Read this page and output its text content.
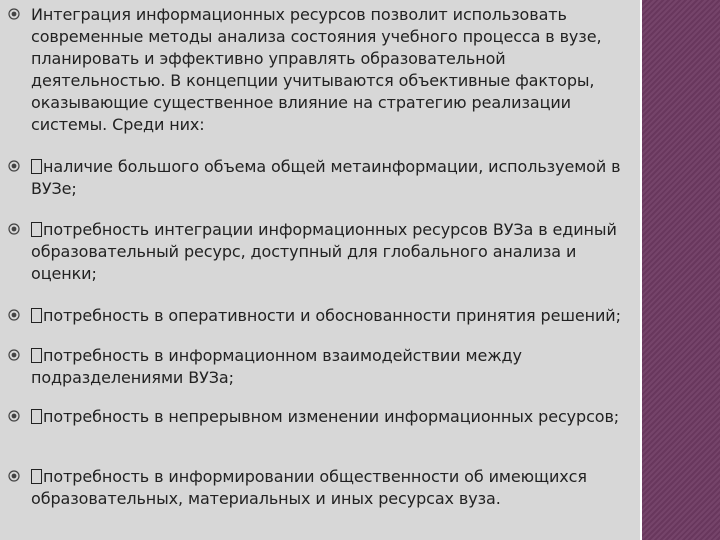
Интеграция информационных ресурсов позволит использовать современные методы анализа состояния учебного процесса в вузе, планировать и эффективно управлять образовательной деятельностью. В концепции учитываются объективные факторы, оказывающие существенное влияние на стратегию реализации системы. Среди них:
наличие большого объема общей метаинформации, используемой в ВУЗе;
потребность интеграции информационных ресурсов ВУЗа в единый образовательный ресурс, доступный для глобального анализа и оценки;
потребность в оперативности и обоснованности принятия решений;
потребность в информационном взаимодействии между подразделениями ВУЗа;
потребность в непрерывном изменении информационных ресурсов;
потребность в информировании общественности об имеющихся образовательных, материальных и иных ресурсах вуза.
